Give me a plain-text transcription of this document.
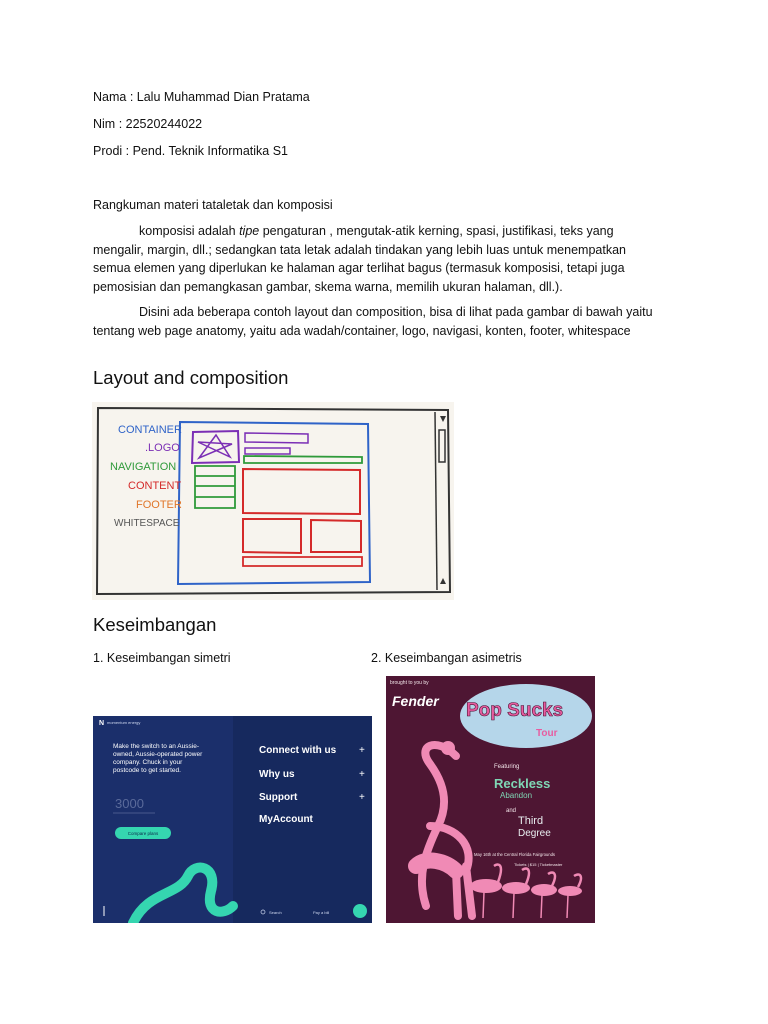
Nama : Lalu Muhammad Dian Pratama

Nim : 22520244022

Prodi : Pend. Teknik Informatika S1

Rangkuman materi tataletak dan komposisi

komposisi adalah tipe pengaturan , mengutak-atik kerning, spasi, justifikasi, teks yang mengalir, margin, dll.; sedangkan tata letak adalah tindakan yang lebih luas untuk menempatkan semua elemen yang diperlukan ke halaman agar terlihat bagus (termasuk komposisi, tetapi juga pemosisian dan pemangkasan gambar, skema warna, memilih ukuran halaman, dll.).

Disini ada beberapa contoh layout dan composition, bisa di lihat pada gambar di bawah yaitu tentang web page anatomy, yaitu ada wadah/container, logo, navigasi, konten, footer, whitespace

Layout and composition
CONTAINER
.LOGO
NAVIGATION
CONTENT
FOOTER
WHITESPACE
Keseimbangan

1. Keseimbangan simetri	2. Keseimbangan asimetris

N momentum energy
Make the switch to an Aussie-owned, Aussie-operated power company. Chuck in your postcode to get started.
3000
Compare plans
Connect with us
Why us
Support
MyAccount
+
+
+
Search	Pay a bill
brought to you by
Fender Pop Sucks
Tour
Featuring
Reckless
Abandon
and
Third
Degree
May 16th at the Central Florida Fairgrounds
Tickets | $15 | Ticketmaster
